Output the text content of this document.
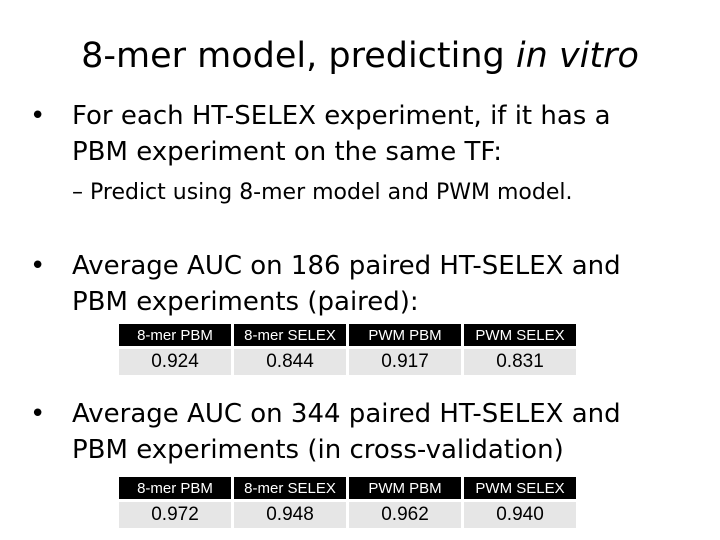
8-mer model, predicting in vitro
• For each HT-SELEX experiment, if it has a PBM experiment on the same TF:
– Predict using 8-mer model and PWM model.
• Average AUC on 186 paired HT-SELEX and PBM experiments (paired):
8-mer PBM	8-mer SELEX	PWM PBM	PWM SELEX
0.924	0.844	0.917	0.831
• Average AUC on 344 paired HT-SELEX and PBM experiments (in cross-validation)
8-mer PBM	8-mer SELEX	PWM PBM	PWM SELEX
0.972	0.948	0.962	0.940
